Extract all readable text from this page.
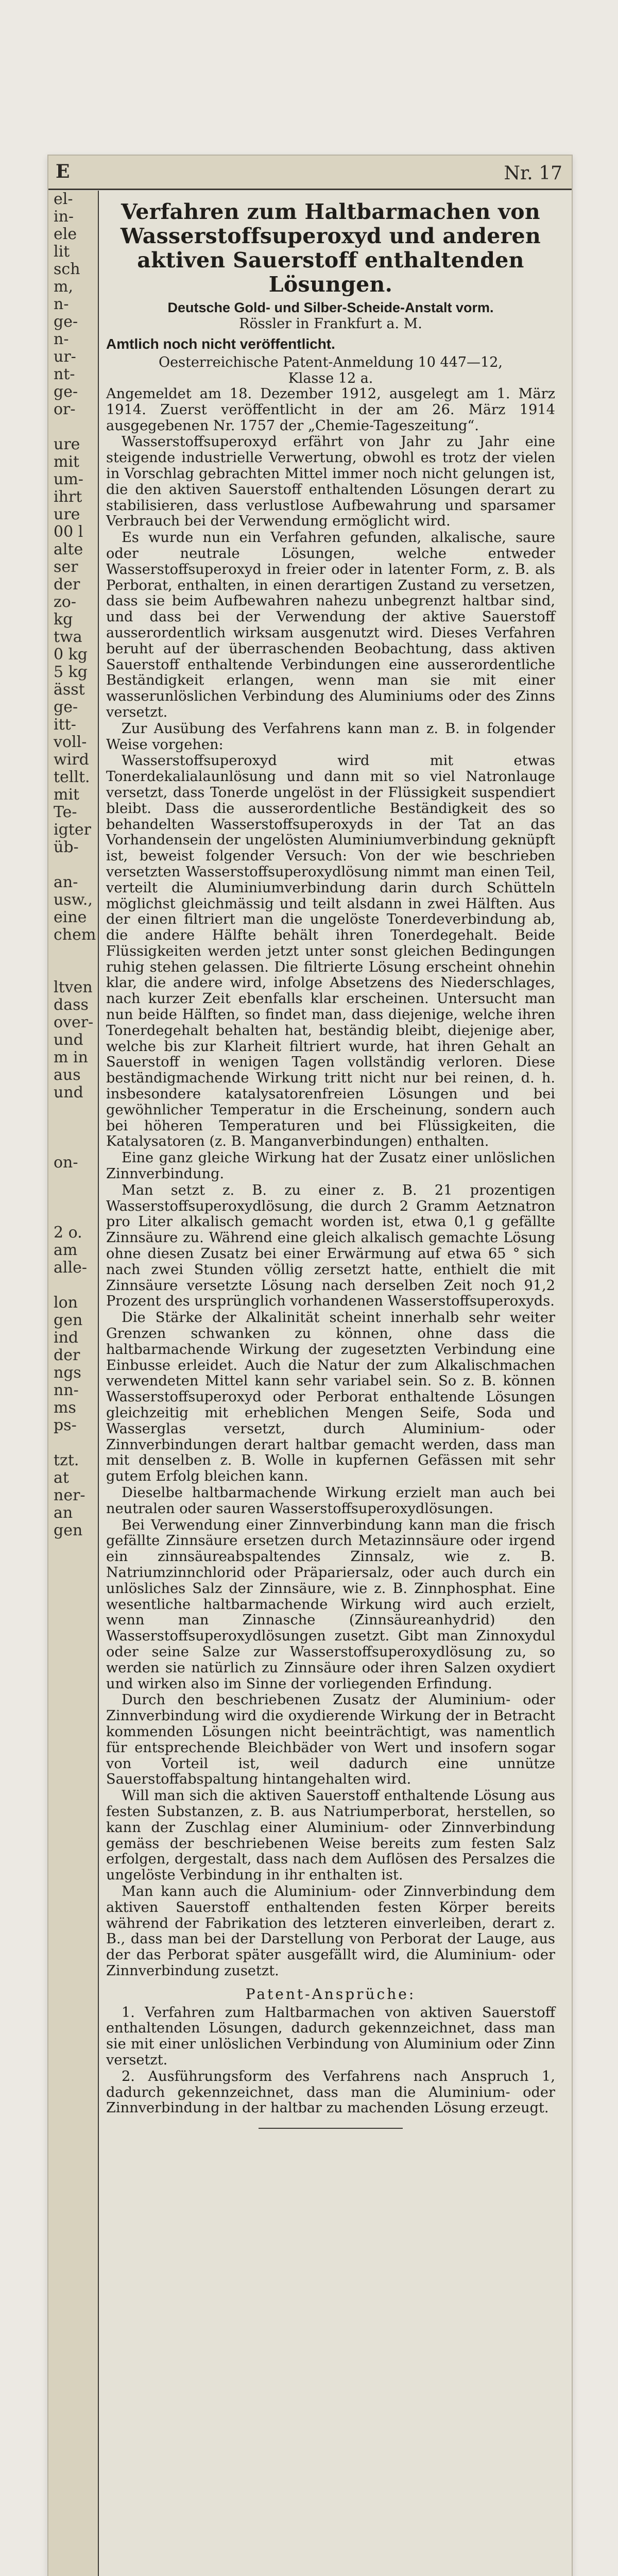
E	Nr. 17
el-
in-
ele
lit
sch
m,
n-
ge-
n-
ur-
nt-
ge-
or-

ure
mit
um-
ihrt
ure
00 l
alte
ser
der
zo-
kg
twa
0 kg
5 kg
ässt
ge-
itt-
voll-
wird
tellt.
mit
Te-
igter
üb-

an-
usw.,
eine
chem

ltven
dass
over-
und
m in
aus
und

on-

2 o.
am
alle-

lon
gen
ind
der
ngs
nn-
ms
ps-

tzt.
at
ner-
an
gen
Verfahren zum Haltbarmachen von Wasserstoffsuperoxyd und anderen aktiven Sauerstoff enthaltenden Lösungen.
Deutsche Gold- und Silber-Scheide-Anstalt vorm.
Rössler in Frankfurt a. M.
Amtlich noch nicht veröffentlicht.
Oesterreichische Patent-Anmeldung 10 447—12,
Klasse 12 a.

Angemeldet am 18. Dezember 1912, ausgelegt am 1. März 1914. Zuerst veröffentlicht in der am 26. März 1914 ausgegebenen Nr. 1757 der „Chemie-Tageszeitung“.

Wasserstoffsuperoxyd erfährt von Jahr zu Jahr eine steigende industrielle Verwertung, obwohl es trotz der vielen in Vorschlag gebrachten Mittel immer noch nicht gelungen ist, die den aktiven Sauerstoff enthaltenden Lösungen derart zu stabilisieren, dass verlustlose Aufbewahrung und sparsamer Verbrauch bei der Verwendung ermöglicht wird.

Es wurde nun ein Verfahren gefunden, alkalische, saure oder neutrale Lösungen, welche entweder Wasserstoffsuperoxyd in freier oder in latenter Form, z. B. als Perborat, enthalten, in einen derartigen Zustand zu versetzen, dass sie beim Aufbewahren nahezu unbegrenzt haltbar sind, und dass bei der Verwendung der aktive Sauerstoff ausserordentlich wirksam ausgenutzt wird. Dieses Verfahren beruht auf der überraschenden Beobachtung, dass aktiven Sauerstoff enthaltende Verbindungen eine ausserordentliche Beständigkeit erlangen, wenn man sie mit einer wasserunlöslichen Verbindung des Aluminiums oder des Zinns versetzt.

Zur Ausübung des Verfahrens kann man z. B. in folgender Weise vorgehen:

Wasserstoffsuperoxyd wird mit etwas Tonerdekalialaunlösung und dann mit so viel Natronlauge versetzt, dass Tonerde ungelöst in der Flüssigkeit suspendiert bleibt. Dass die ausserordentliche Beständigkeit des so behandelten Wasserstoffsuperoxyds in der Tat an das Vorhandensein der ungelösten Aluminiumverbindung geknüpft ist, beweist folgender Versuch: Von der wie beschrieben versetzten Wasserstoffsuperoxydlösung nimmt man einen Teil, verteilt die Aluminiumverbindung darin durch Schütteln möglichst gleichmässig und teilt alsdann in zwei Hälften. Aus der einen filtriert man die ungelöste Tonerdeverbindung ab, die andere Hälfte behält ihren Tonerdegehalt. Beide Flüssigkeiten werden jetzt unter sonst gleichen Bedingungen ruhig stehen gelassen. Die filtrierte Lösung erscheint ohnehin klar, die andere wird, infolge Absetzens des Niederschlages, nach kurzer Zeit ebenfalls klar erscheinen. Untersucht man nun beide Hälften, so findet man, dass diejenige, welche ihren Tonerdegehalt behalten hat, beständig bleibt, diejenige aber, welche bis zur Klarheit filtriert wurde, hat ihren Gehalt an Sauerstoff in wenigen Tagen vollständig verloren. Diese beständigmachende Wirkung tritt nicht nur bei reinen, d. h. insbesondere katalysatorenfreien Lösungen und bei gewöhnlicher Temperatur in die Erscheinung, sondern auch bei höheren Temperaturen und bei Flüssigkeiten, die Katalysatoren (z. B. Manganverbindungen) enthalten.

Eine ganz gleiche Wirkung hat der Zusatz einer unlöslichen Zinnverbindung.

Man setzt z. B. zu einer z. B. 21 prozentigen Wasserstoffsuperoxydlösung, die durch 2 Gramm Aetznatron pro Liter alkalisch gemacht worden ist, etwa 0,1 g gefällte Zinnsäure zu. Während eine gleich alkalisch gemachte Lösung ohne diesen Zusatz bei einer Erwärmung auf etwa 65 ° sich nach zwei Stunden völlig zersetzt hatte, enthielt die mit Zinnsäure versetzte Lösung nach derselben Zeit noch 91,2 Prozent des ursprünglich vorhandenen Wasserstoffsuperoxyds.

Die Stärke der Alkalinität scheint innerhalb sehr weiter Grenzen schwanken zu können, ohne dass die haltbarmachende Wirkung der zugesetzten Verbindung eine Einbusse erleidet. Auch die Natur der zum Alkalischmachen verwendeten Mittel kann sehr variabel sein. So z. B. können Wasserstoffsuperoxyd oder Perborat enthaltende Lösungen gleichzeitig mit erheblichen Mengen Seife, Soda und Wasserglas versetzt, durch Aluminium- oder Zinnverbindungen derart haltbar gemacht werden, dass man mit denselben z. B. Wolle in kupfernen Gefässen mit sehr gutem Erfolg bleichen kann.

Dieselbe haltbarmachende Wirkung erzielt man auch bei neutralen oder sauren Wasserstoffsuperoxydlösungen.

Bei Verwendung einer Zinnverbindung kann man die frisch gefällte Zinnsäure ersetzen durch Metazinnsäure oder irgend ein zinnsäureabspaltendes Zinnsalz, wie z. B. Natriumzinnchlorid oder Präpariersalz, oder auch durch ein unlösliches Salz der Zinnsäure, wie z. B. Zinnphosphat. Eine wesentliche haltbarmachende Wirkung wird auch erzielt, wenn man Zinnasche (Zinnsäureanhydrid) den Wasserstoffsuperoxydlösungen zusetzt. Gibt man Zinnoxydul oder seine Salze zur Wasserstoffsuperoxydlösung zu, so werden sie natürlich zu Zinnsäure oder ihren Salzen oxydiert und wirken also im Sinne der vorliegenden Erfindung.

Durch den beschriebenen Zusatz der Aluminium- oder Zinnverbindung wird die oxydierende Wirkung der in Betracht kommenden Lösungen nicht beeinträchtigt, was namentlich für entsprechende Bleichbäder von Wert und insofern sogar von Vorteil ist, weil dadurch eine unnütze Sauerstoffabspaltung hintangehalten wird.

Will man sich die aktiven Sauerstoff enthaltende Lösung aus festen Substanzen, z. B. aus Natriumperborat, herstellen, so kann der Zuschlag einer Aluminium- oder Zinnverbindung gemäss der beschriebenen Weise bereits zum festen Salz erfolgen, dergestalt, dass nach dem Auflösen des Persalzes die ungelöste Verbindung in ihr enthalten ist.

Man kann auch die Aluminium- oder Zinnverbindung dem aktiven Sauerstoff enthaltenden festen Körper bereits während der Fabrikation des letzteren einverleiben, derart z. B., dass man bei der Darstellung von Perborat der Lauge, aus der das Perborat später ausgefällt wird, die Aluminium- oder Zinnverbindung zusetzt.

Patent-Ansprüche:

1. Verfahren zum Haltbarmachen von aktiven Sauerstoff enthaltenden Lösungen, dadurch gekennzeichnet, dass man sie mit einer unlöslichen Verbindung von Aluminium oder Zinn versetzt.

2. Ausführungsform des Verfahrens nach Anspruch 1, dadurch gekennzeichnet, dass man die Aluminium- oder Zinnverbindung in der haltbar zu machenden Lösung erzeugt.
